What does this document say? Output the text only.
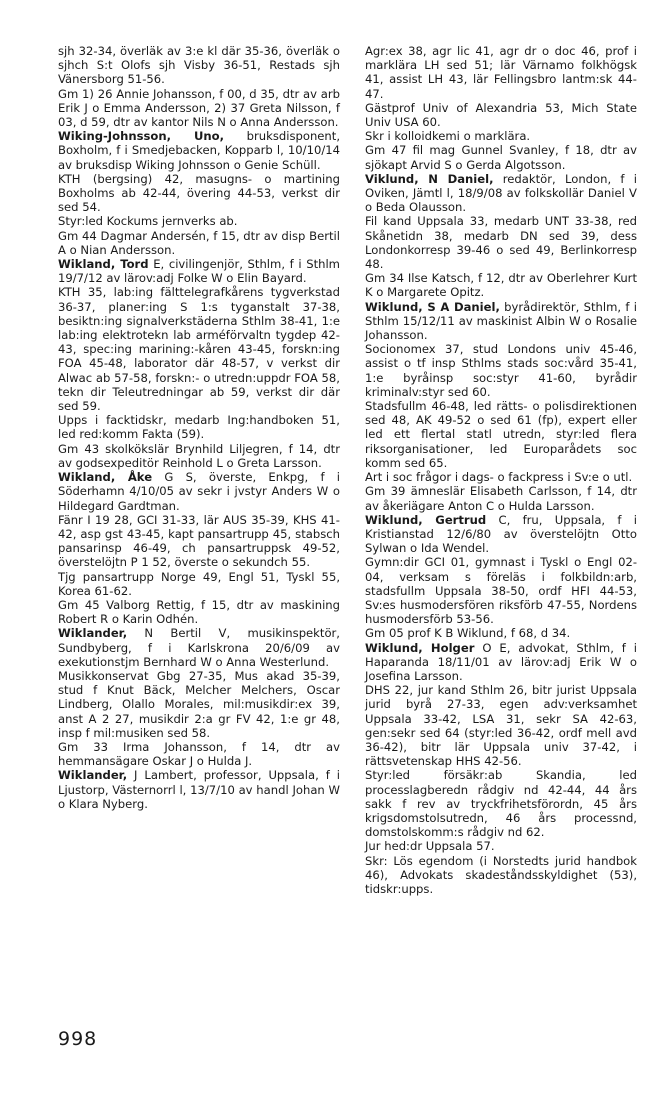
sjh 32-34, överläk av 3:e kl där 35-36, överläk o sjhch S:t Olofs sjh Visby 36-51, Restads sjh Vänersborg 51-56.

Gm 1) 26 Annie Johansson, f 00, d 35, dtr av arb Erik J o Emma Andersson, 2) 37 Greta Nilsson, f 03, d 59, dtr av kantor Nils N o Anna Andersson.

Wiking-Johnsson, Uno, bruksdisponent, Boxholm, f i Smedjebacken, Kopparb l, 10/10/14 av bruksdisp Wiking Johnsson o Genie Schüll.

KTH (bergsing) 42, masugns- o martining Boxholms ab 42-44, övering 44-53, verkst dir sed 54.

Styr:led Kockums jernverks ab.

Gm 44 Dagmar Andersén, f 15, dtr av disp Bertil A o Nian Andersson.

Wikland, Tord E, civilingenjör, Sthlm, f i Sthlm 19/7/12 av lärov:adj Folke W o Elin Bayard.

KTH 35, lab:ing fälttelegrafkårens tygverkstad 36-37, planer:ing S 1:s tyganstalt 37-38, besiktn:ing signalverkstäderna Sthlm 38-41, 1:e lab:ing elektrotekn lab arméförvaltn tygdep 42-43, spec:ing marining:-kåren 43-45, forskn:ing FOA 45-48, laborator där 48-57, v verkst dir Alwac ab 57-58, forskn:- o utredn:uppdr FOA 58, tekn dir Teleutredningar ab 59, verkst dir där sed 59.

Upps i facktidskr, medarb Ing:handboken 51, led red:komm Fakta (59).

Gm 43 skolkökslär Brynhild Liljegren, f 14, dtr av godsexpeditör Reinhold L o Greta Larsson.

Wikland, Åke G S, överste, Enkpg, f i Söderhamn 4/10/05 av sekr i jvstyr Anders W o Hildegard Gardtman.

Fänr I 19 28, GCI 31-33, lär AUS 35-39, KHS 41-42, asp gst 43-45, kapt pansartrupp 45, stabsch pansarinsp 46-49, ch pansartruppsk 49-52, överstelöjtn P 1 52, överste o sekundch 55.

Tjg pansartrupp Norge 49, Engl 51, Tyskl 55, Korea 61-62.

Gm 45 Valborg Rettig, f 15, dtr av maskining Robert R o Karin Odhén.

Wiklander, N Bertil V, musikinspektör, Sundbyberg, f i Karlskrona 20/6/09 av exekutionstjm Bernhard W o Anna Westerlund.

Musikkonservat Gbg 27-35, Mus akad 35-39, stud f Knut Bäck, Melcher Melchers, Oscar Lindberg, Olallo Morales, mil:musikdir:ex 39, anst A 2 27, musikdir 2:a gr FV 42, 1:e gr 48, insp f mil:musiken sed 58.

Gm 33 Irma Johansson, f 14, dtr av hemmansägare Oskar J o Hulda J.

Wiklander, J Lambert, professor, Uppsala, f i Ljustorp, Västernorrl l, 13/7/10 av handl Johan W o Klara Nyberg.

Agr:ex 38, agr lic 41, agr dr o doc 46, prof i marklära LH sed 51; lär Värnamo folkhögsk 41, assist LH 43, lär Fellingsbro lantm:sk 44-47.

Gästprof Univ of Alexandria 53, Mich State Univ USA 60.

Skr i kolloidkemi o marklära.

Gm 47 fil mag Gunnel Svanley, f 18, dtr av sjökapt Arvid S o Gerda Algotsson.

Viklund, N Daniel, redaktör, London, f i Oviken, Jämtl l, 18/9/08 av folkskollär Daniel V o Beda Olausson.

Fil kand Uppsala 33, medarb UNT 33-38, red Skånetidn 38, medarb DN sed 39, dess Londonkorresp 39-46 o sed 49, Berlinkorresp 48.

Gm 34 Ilse Katsch, f 12, dtr av Oberlehrer Kurt K o Margarete Opitz.

Wiklund, S A Daniel, byrådirektör, Sthlm, f i Sthlm 15/12/11 av maskinist Albin W o Rosalie Johansson.

Socionomex 37, stud Londons univ 45-46, assist o tf insp Sthlms stads soc:vård 35-41, 1:e byråinsp soc:styr 41-60, byrådir kriminalv:styr sed 60.

Stadsfullm 46-48, led rätts- o polisdirektionen sed 48, AK 49-52 o sed 61 (fp), expert eller led ett flertal statl utredn, styr:led flera riksorganisationer, led Europarådets soc komm sed 65.

Art i soc frågor i dags- o fackpress i Sv:e o utl.

Gm 39 ämneslär Elisabeth Carlsson, f 14, dtr av åkeriägare Anton C o Hulda Larsson.

Wiklund, Gertrud C, fru, Uppsala, f i Kristianstad 12/6/80 av överstelöjtn Otto Sylwan o Ida Wendel.

Gymn:dir GCI 01, gymnast i Tyskl o Engl 02-04, verksam s föreläs i folkbildn:arb, stadsfullm Uppsala 38-50, ordf HFI 44-53, Sv:es husmodersfören riksförb 47-55, Nordens husmodersförb 53-56.

Gm 05 prof K B Wiklund, f 68, d 34.

Wiklund, Holger O E, advokat, Sthlm, f i Haparanda 18/11/01 av lärov:adj Erik W o Josefina Larsson.

DHS 22, jur kand Sthlm 26, bitr jurist Uppsala jurid byrå 27-33, egen adv:verksamhet Uppsala 33-42, LSA 31, sekr SA 42-63, gen:sekr sed 64 (styr:led 36-42, ordf mell avd 36-42), bitr lär Uppsala univ 37-42, i rättsvetenskap HHS 42-56.

Styr:led försäkr:ab Skandia, led processlagberedn rådgiv nd 42-44, 44 års sakk f rev av tryckfrihetsförordn, 45 års krigsdomstolsutredn, 46 års processnd, domstolskomm:s rådgiv nd 62.

Jur hed:dr Uppsala 57.

Skr: Lös egendom (i Norstedts jurid handbok 46), Advokats skadeståndsskyldighet (53), tidskr:upps.

998
